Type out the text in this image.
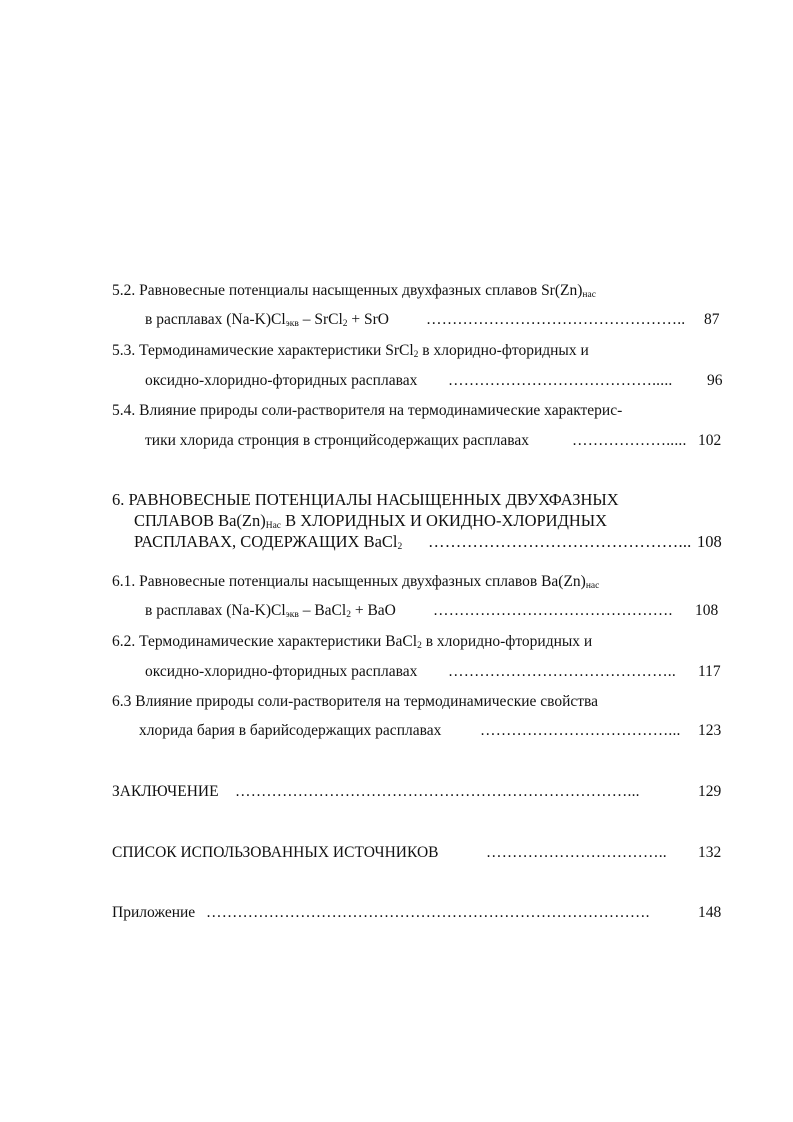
5.2. Равновесные потенциалы насыщенных двухфазных сплавов $Sr(Zn)_{нас}$
в расплавах $(Na-K)Cl_{экв}$ – SrCl$_2$ + SrO …………………………………………..	87
5.3. Термодинамические характеристики SrCl$_2$ в хлоридно-фторидных и
оксидно-хлоридно-фторидных расплавах ………………………………….....	96
5.4. Влияние природы соли-растворителя на термодинамические характерис-
тики хлорида стронция в стронцийсодержащих расплавах	………………..... 102
6. РАВНОВЕСНЫЕ ПОТЕНЦИАЛЫ НАСЫЩЕННЫХ ДВУХФАЗНЫХ
СПЛАВОВ $Ba(Zn)_{Нас}$ В ХЛОРИДНЫХ И ОКИДНО-ХЛОРИДНЫХ
РАСПЛАВАХ, СОДЕРЖАЩИХ BaCl$_2$ ………………………………………... 108
6.1. Равновесные потенциалы насыщенных двухфазных сплавов $Ba(Zn)_{нас}$
в расплавах $(Na-K)Cl_{экв}$ – BaCl$_2$ + BaO ……………………………………….	108
6.2. Термодинамические характеристики BaCl$_2$ в хлоридно-фторидных и
оксидно-хлоридно-фторидных расплавах ……………………………………..	117
6.3 Влияние природы соли-растворителя на термодинамические свойства
хлорида бария в барийсодержащих расплавах ………………………………...	123
ЗАКЛЮЧЕНИЕ …………………………………………………………………...	129
СПИСОК ИСПОЛЬЗОВАННЫХ ИСТОЧНИКОВ	……………………………..	132
Приложение ………………………………………………………………………….	148
